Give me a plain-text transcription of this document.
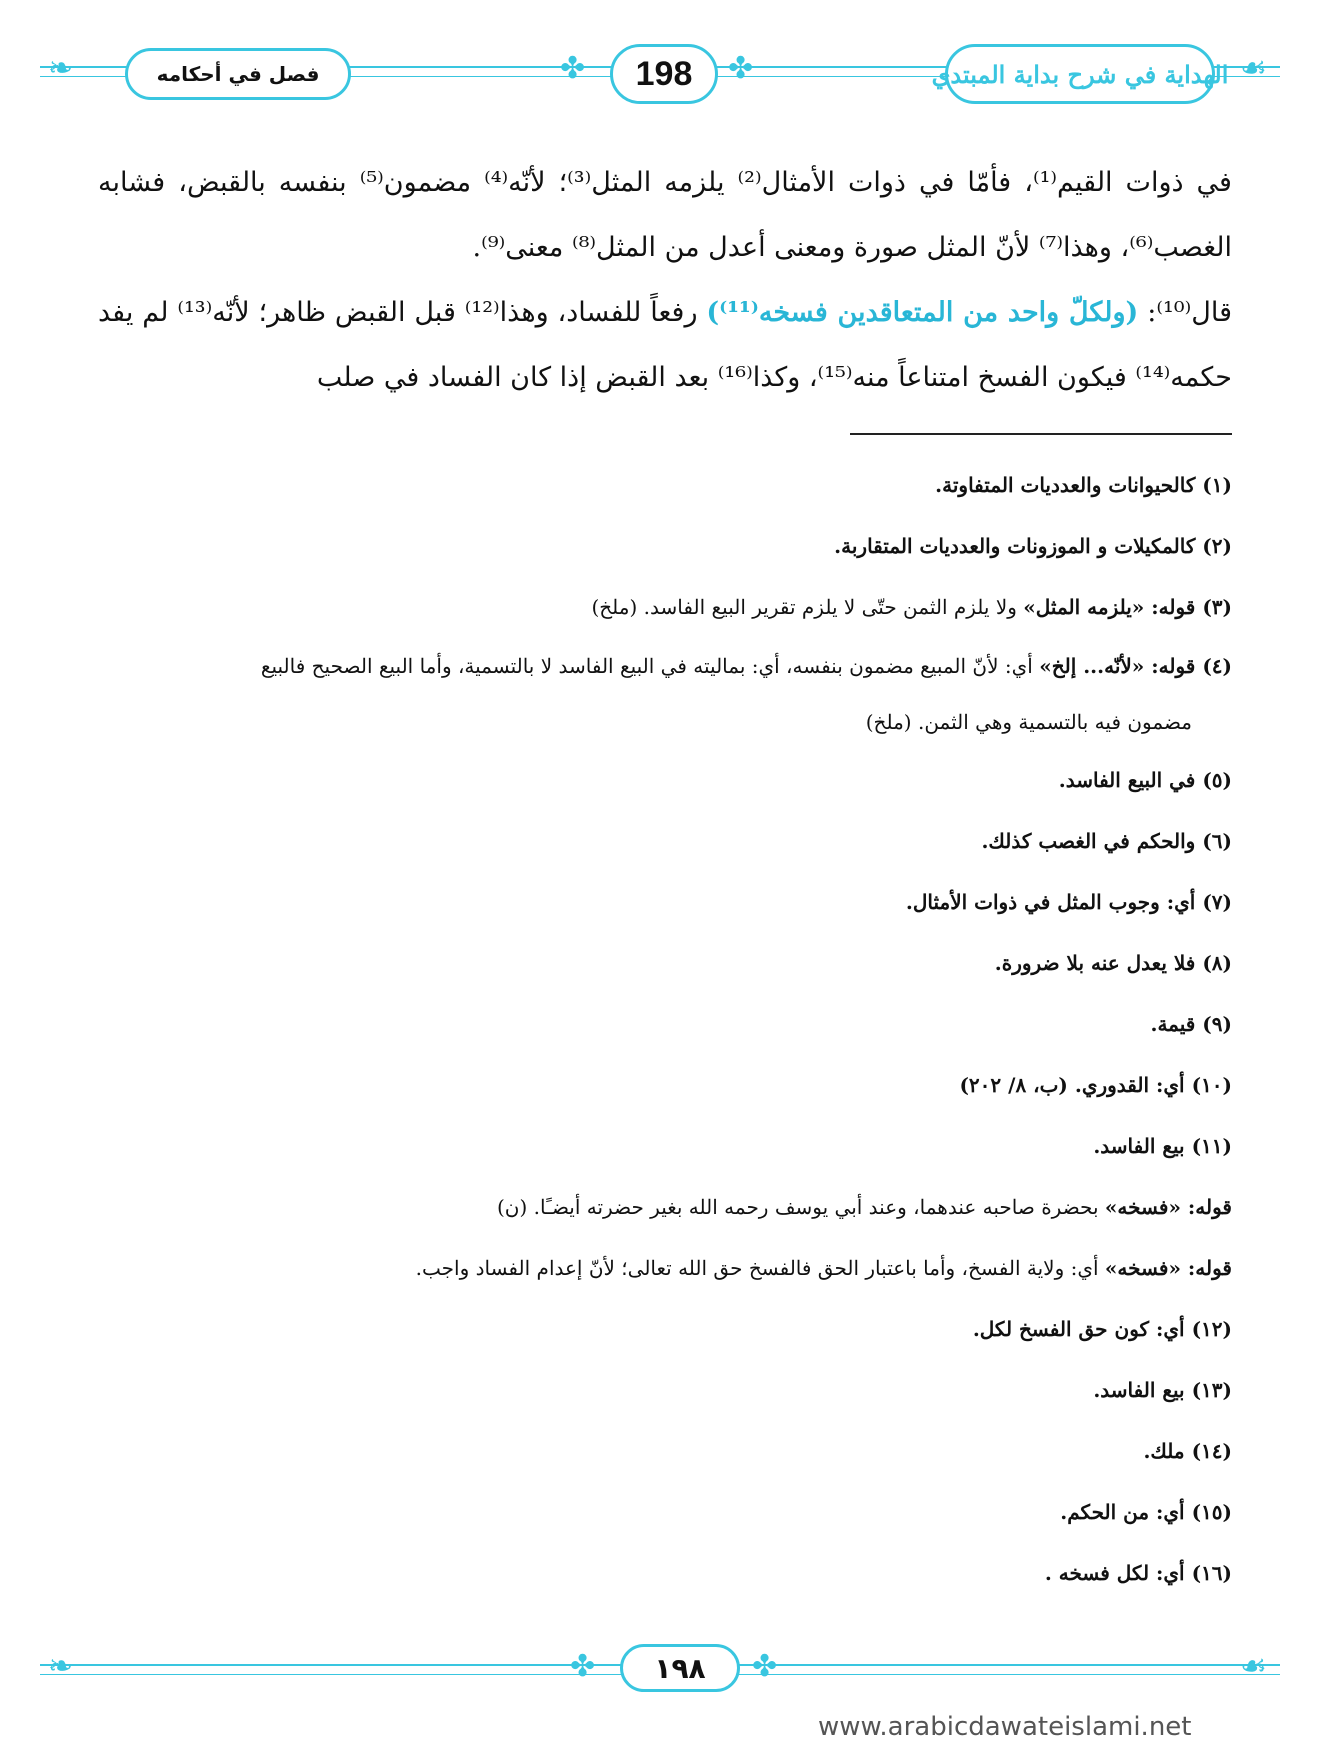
❧	☙
✤	✤
فصل في أحكامه	198	الهداية في شرح بداية المبتدي

في ذوات القيم⁽¹⁾، فأمّا في ذوات الأمثال⁽²⁾ يلزمه المثل⁽³⁾؛ لأنّه⁽⁴⁾ مضمون⁽⁵⁾ بنفسه بالقبض، فشابه الغصب⁽⁶⁾، وهذا⁽⁷⁾ لأنّ المثل صورة ومعنى أعدل من المثل⁽⁸⁾ معنى⁽⁹⁾.

قال⁽¹⁰⁾: (ولكلّ واحد من المتعاقدين فسخه⁽¹¹⁾) رفعاً للفساد، وهذا⁽¹²⁾ قبل القبض ظاهر؛ لأنّه⁽¹³⁾ لم يفد حكمه⁽¹⁴⁾ فيكون الفسخ امتناعاً منه⁽¹⁵⁾، وكذا⁽¹⁶⁾ بعد القبض إذا كان الفساد في صلب

(١) كالحيوانات والعدديات المتفاوتة.
(٢) كالمكيلات و الموزونات والعدديات المتقاربة.
(٣) قوله: «يلزمه المثل» ولا يلزم الثمن حتّى لا يلزم تقرير البيع الفاسد. (ملخ)
(٤) قوله: «لأنّه... إلخ» أي: لأنّ المبيع مضمون بنفسه، أي: بماليته في البيع الفاسد لا بالتسمية، وأما البيع الصحيح فالبيع
مضمون فيه بالتسمية وهي الثمن. (ملخ)
(٥) في البيع الفاسد.
(٦) والحكم في الغصب كذلك.
(٧) أي: وجوب المثل في ذوات الأمثال.
(٨) فلا يعدل عنه بلا ضرورة.
(٩) قيمة.
(١٠) أي: القدوري. (ب، ٨/ ٢٠٢)
(١١) بيع الفاسد.
قوله: «فسخه» بحضرة صاحبه عندهما، وعند أبي يوسف رحمه الله بغير حضرته أيضـًا. (ن)
قوله: «فسخه» أي: ولاية الفسخ، وأما باعتبار الحق فالفسخ حق الله تعالى؛ لأنّ إعدام الفساد واجب.
(١٢) أي: كون حق الفسخ لكل.
(١٣) بيع الفاسد.
(١٤) ملك.
(١٥) أي: من الحكم.
(١٦) أي: لكل فسخه .
❧	☙
✤	✤
١٩٨
www.arabicdawateislami.net
